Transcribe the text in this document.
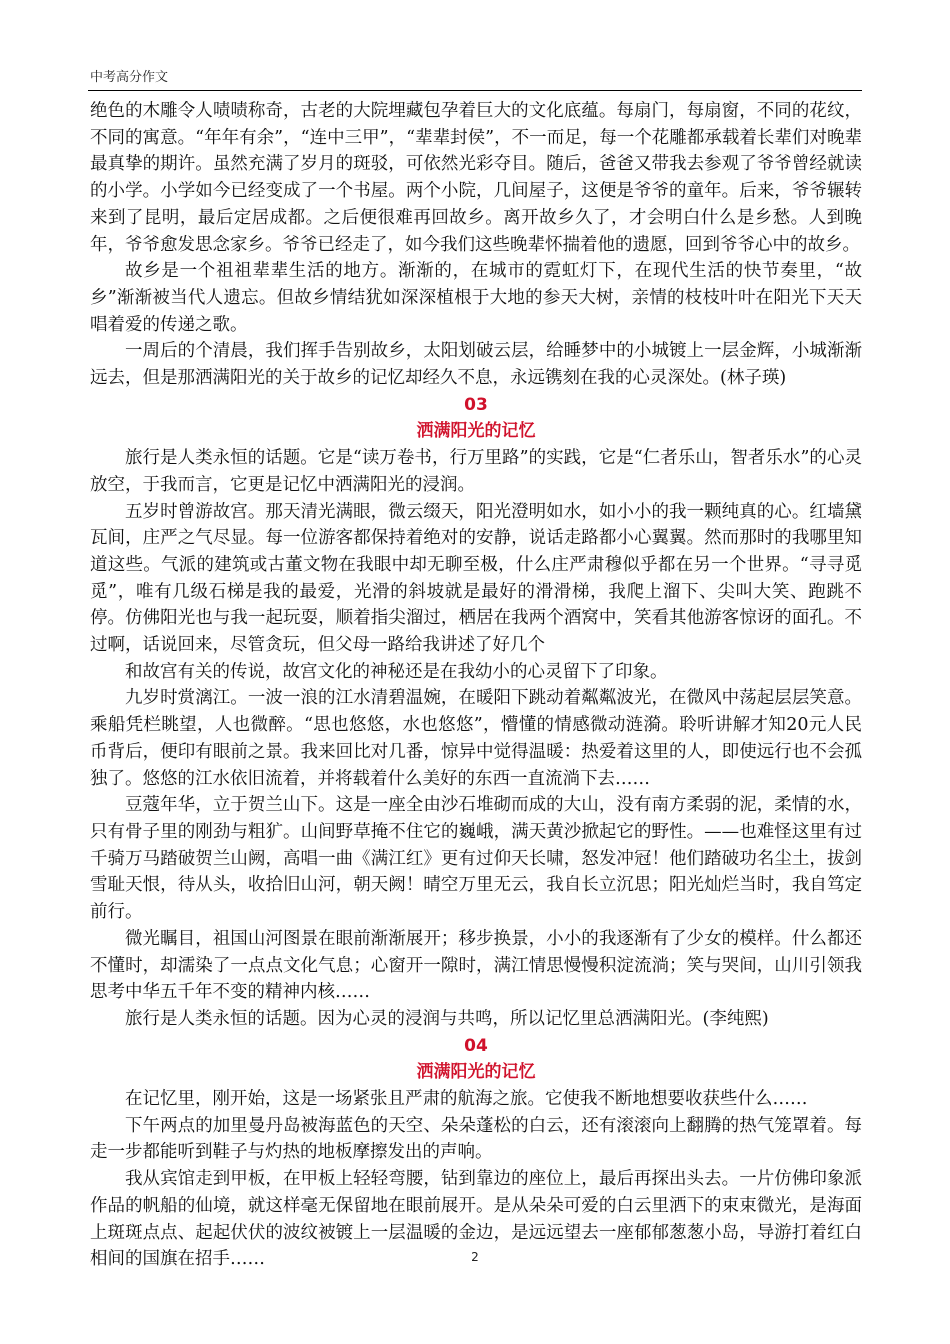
中考高分作文

绝色的木雕令人啧啧称奇，古老的大院埋藏包孕着巨大的文化底蕴。每扇门，每扇窗，不同的花纹，不同的寓意。“年年有余”，“连中三甲”，“辈辈封侯”，不一而足，每一个花雕都承载着长辈们对晚辈最真挚的期许。虽然充满了岁月的斑驳，可依然光彩夺目。随后，爸爸又带我去参观了爷爷曾经就读的小学。小学如今已经变成了一个书屋。两个小院，几间屋子，这便是爷爷的童年。后来，爷爷辗转来到了昆明，最后定居成都。之后便很难再回故乡。离开故乡久了，才会明白什么是乡愁。人到晚年，爷爷愈发思念家乡。爷爷已经走了，如今我们这些晚辈怀揣着他的遗愿，回到爷爷心中的故乡。

故乡是一个祖祖辈辈生活的地方。渐渐的，在城市的霓虹灯下，在现代生活的快节奏里，“故乡”渐渐被当代人遗忘。但故乡情结犹如深深植根于大地的参天大树，亲情的枝枝叶叶在阳光下天天唱着爱的传递之歌。

一周后的个清晨，我们挥手告别故乡，太阳划破云层，给睡梦中的小城镀上一层金辉，小城渐渐远去，但是那洒满阳光的关于故乡的记忆却经久不息，永远镌刻在我的心灵深处。(林子瑛)

03
洒满阳光的记忆

旅行是人类永恒的话题。它是“读万卷书，行万里路”的实践，它是“仁者乐山，智者乐水”的心灵放空，于我而言，它更是记忆中洒满阳光的浸润。

五岁时曾游故宫。那天清光满眼，微云缀天，阳光澄明如水，如小小的我一颗纯真的心。红墙黛瓦间，庄严之气尽显。每一位游客都保持着绝对的安静，说话走路都小心翼翼。然而那时的我哪里知道这些。气派的建筑或古董文物在我眼中却无聊至极，什么庄严肃穆似乎都在另一个世界。“寻寻觅觅”，唯有几级石梯是我的最爱，光滑的斜坡就是最好的滑滑梯，我爬上溜下、尖叫大笑、跑跳不停。仿佛阳光也与我一起玩耍，顺着指尖溜过，栖居在我两个酒窝中，笑看其他游客惊讶的面孔。不过啊，话说回来，尽管贪玩，但父母一路给我讲述了好几个

和故宫有关的传说，故宫文化的神秘还是在我幼小的心灵留下了印象。

九岁时赏漓江。一波一浪的江水清碧温婉，在暖阳下跳动着粼粼波光，在微风中荡起层层笑意。乘船凭栏眺望，人也微醉。“思也悠悠，水也悠悠”，懵懂的情感微动涟漪。聆听讲解才知20元人民币背后，便印有眼前之景。我来回比对几番，惊异中觉得温暖：热爱着这里的人，即使远行也不会孤独了。悠悠的江水依旧流着，并将载着什么美好的东西一直流淌下去……

豆蔻年华，立于贺兰山下。这是一座全由沙石堆砌而成的大山，没有南方柔弱的泥，柔情的水，只有骨子里的刚劲与粗犷。山间野草掩不住它的巍峨，满天黄沙掀起它的野性。——也难怪这里有过千骑万马踏破贺兰山阙，高唱一曲《满江红》更有过仰天长啸，怒发冲冠！他们踏破功名尘土，拔剑雪耻天恨，待从头，收拾旧山河，朝天阙！晴空万里无云，我自长立沉思；阳光灿烂当时，我自笃定前行。

微光瞩目，祖国山河图景在眼前渐渐展开；移步换景，小小的我逐渐有了少女的模样。什么都还不懂时，却濡染了一点点文化气息；心窗开一隙时，满江情思慢慢积淀流淌；笑与哭间，山川引领我思考中华五千年不变的精神内核……

旅行是人类永恒的话题。因为心灵的浸润与共鸣，所以记忆里总洒满阳光。(李纯熙)

04
洒满阳光的记忆

在记忆里，刚开始，这是一场紧张且严肃的航海之旅。它使我不断地想要收获些什么……

下午两点的加里曼丹岛被海蓝色的天空、朵朵蓬松的白云，还有滚滚向上翻腾的热气笼罩着。每走一步都能听到鞋子与灼热的地板摩擦发出的声响。

我从宾馆走到甲板，在甲板上轻轻弯腰，钻到靠边的座位上，最后再探出头去。一片仿佛印象派作品的帆船的仙境，就这样毫无保留地在眼前展开。是从朵朵可爱的白云里洒下的束束微光，是海面上斑斑点点、起起伏伏的波纹被镀上一层温暖的金边，是远远望去一座郁郁葱葱小岛，导游打着红白相间的国旗在招手……	2
